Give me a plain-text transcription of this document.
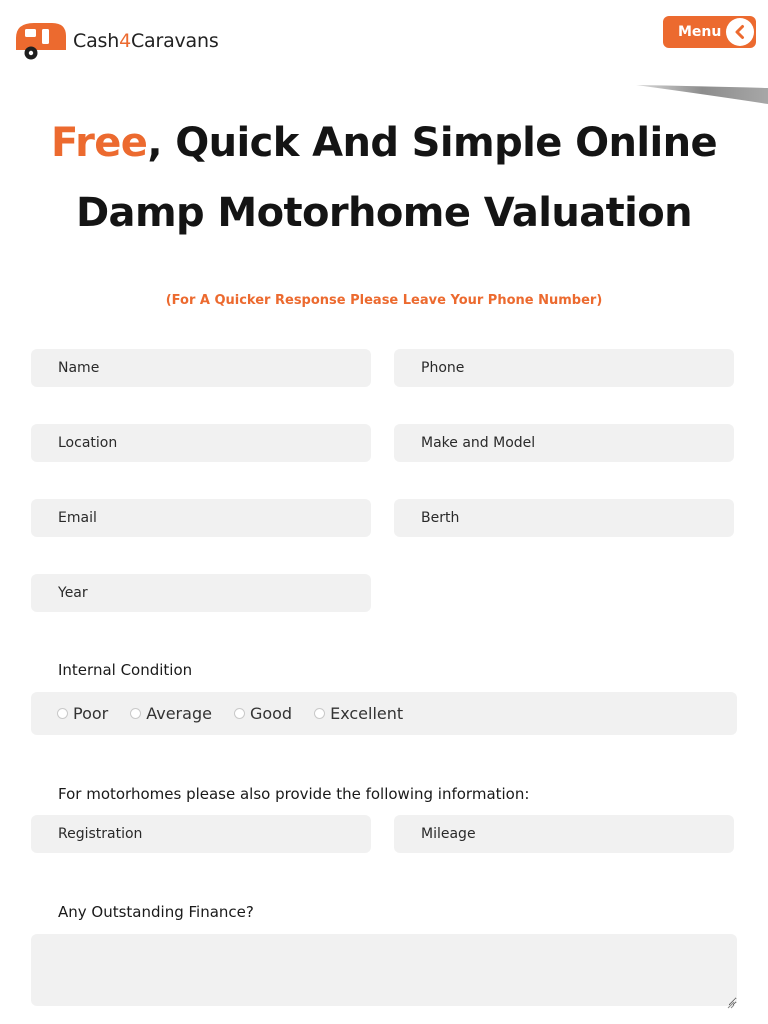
Cash4Caravans	Menu
Free, Quick And Simple Online
Damp Motorhome Valuation
(For A Quicker Response Please Leave Your Phone Number)
Name
Phone
Location
Make and Model
Email
Berth
Year
Internal Condition
Poor Average Good Excellent
For motorhomes please also provide the following information:
Registration
Mileage
Any Outstanding Finance?
